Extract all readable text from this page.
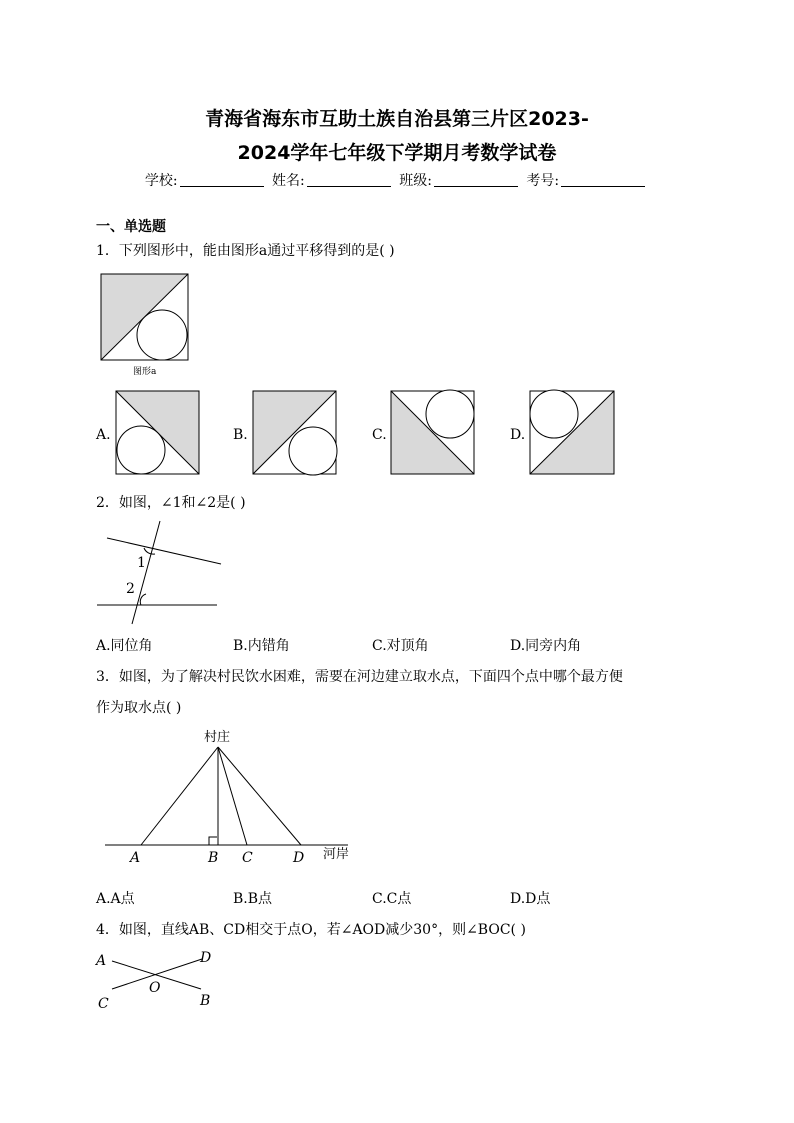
青海省海东市互助土族自治县第三片区2023-
2024学年七年级下学期月考数学试卷
学校:	姓名:	班级:	考号:
一、单选题
1．下列图形中，能由图形a通过平移得到的是( )
图形a
A.	B.	C.	D.
2．如图，∠1和∠2是( )
1
2
A.同位角	B.内错角	C.对顶角	D.同旁内角
3．如图，为了解决村民饮水困难，需要在河边建立取水点，下面四个点中哪个最方便
作为取水点( )
村庄
河岸
A	B C	D
A.A点	B.B点	C.C点	D.D点
4．如图，直线AB、CD相交于点O，若∠AOD减少30°，则∠BOC( )
A	D
O
C	B
